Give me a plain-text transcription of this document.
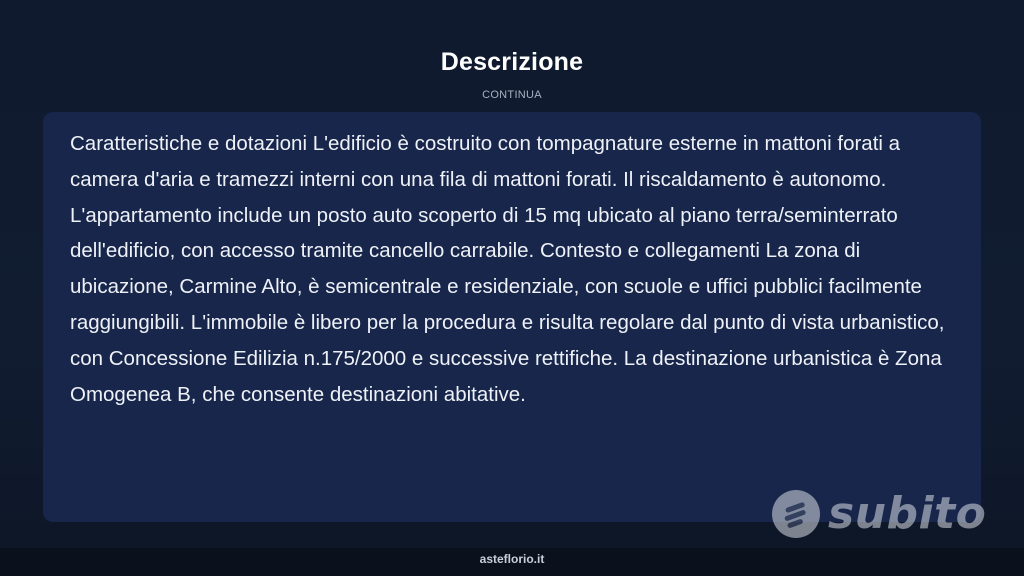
Descrizione
CONTINUA

Caratteristiche e dotazioni L'edificio è costruito con tompagnature esterne in mattoni forati a camera d'aria e tramezzi interni con una fila di mattoni forati. Il riscaldamento è autonomo. L'appartamento include un posto auto scoperto di 15 mq ubicato al piano terra/seminterrato dell'edificio, con accesso tramite cancello carrabile. Contesto e collegamenti La zona di ubicazione, Carmine Alto, è semicentrale e residenziale, con scuole e uffici pubblici facilmente raggiungibili. L'immobile è libero per la procedura e risulta regolare dal punto di vista urbanistico, con Concessione Edilizia n.175/2000 e successive rettifiche. La destinazione urbanistica è Zona Omogenea B, che consente destinazioni abitative.

subito
asteflorio.it
